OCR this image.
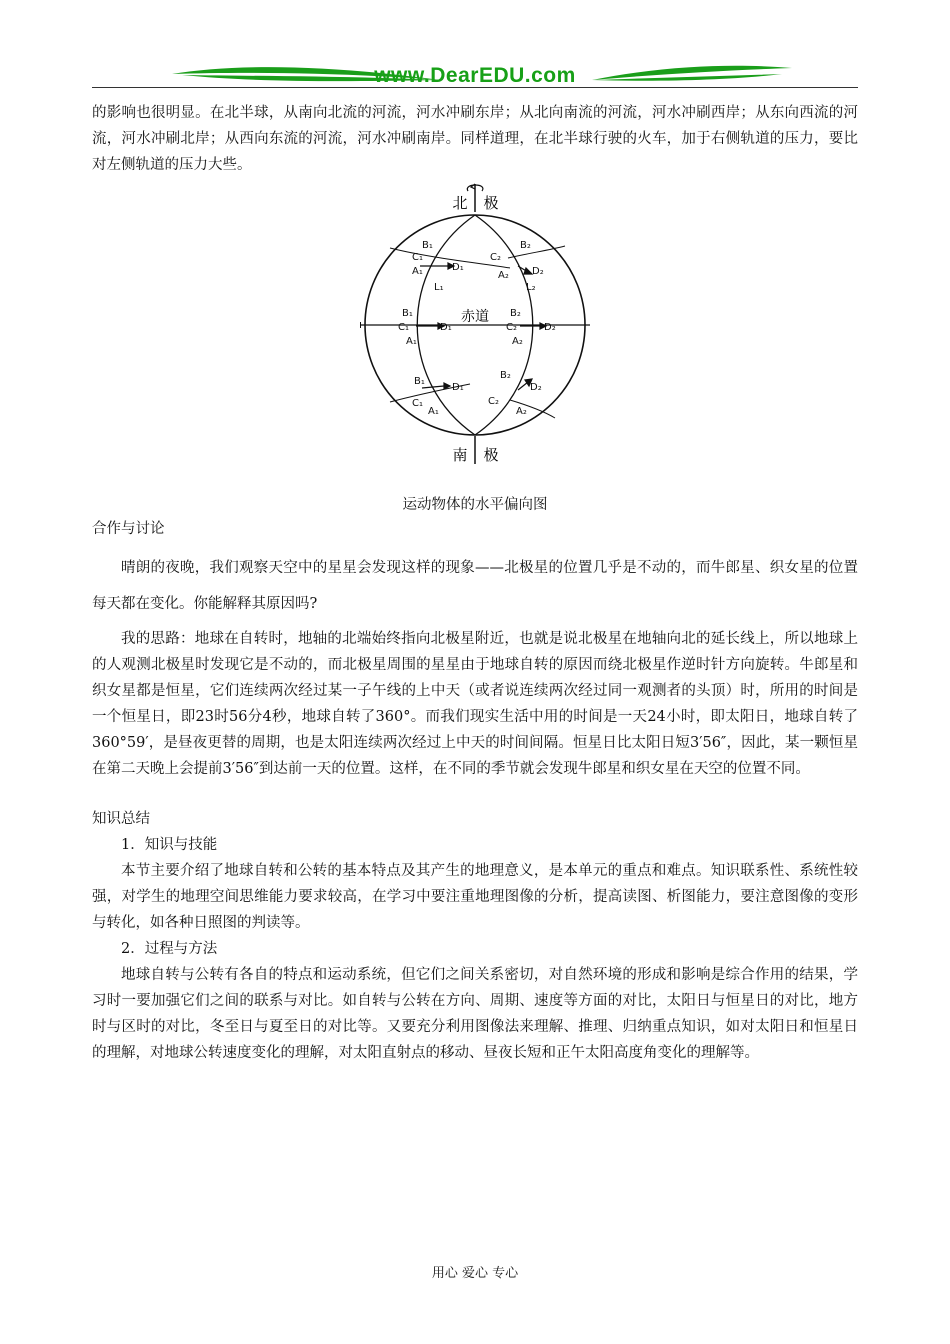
www.DearEDU.com

的影响也很明显。在北半球，从南向北流的河流，河水冲刷东岸；从北向南流的河流，河水冲刷西岸；从东向西流的河流，河水冲刷北岸；从西向东流的河流，河水冲刷南岸。同样道理，在北半球行驶的火车，加于右侧轨道的压力，要比对左侧轨道的压力大些。

北 极
南 极
B₁
C₁
A₁	D₁
L₁
B₂
C₂
A₂ D₂
L₂
B₁
C₁
A₁
D₁
B₂
C₂
A₂
D₂
B₁
C₁
A₁
D₁
B₂
D₂
C₂
A₂
赤道

运动物体的水平偏向图

合作与讨论

晴朗的夜晚，我们观察天空中的星星会发现这样的现象——北极星的位置几乎是不动的，而牛郎星、织女星的位置每天都在变化。你能解释其原因吗?

我的思路：地球在自转时，地轴的北端始终指向北极星附近，也就是说北极星在地轴向北的延长线上，所以地球上的人观测北极星时发现它是不动的，而北极星周围的星星由于地球自转的原因而绕北极星作逆时针方向旋转。牛郎星和织女星都是恒星，它们连续两次经过某一子午线的上中天（或者说连续两次经过同一观测者的头顶）时，所用的时间是一个恒星日，即23时56分4秒，地球自转了360°。而我们现实生活中用的时间是一天24小时，即太阳日，地球自转了360°59′，是昼夜更替的周期，也是太阳连续两次经过上中天的时间间隔。恒星日比太阳日短3′56″，因此，某一颗恒星在第二天晚上会提前3′56″到达前一天的位置。这样，在不同的季节就会发现牛郎星和织女星在天空的位置不同。

知识总结

1．知识与技能

本节主要介绍了地球自转和公转的基本特点及其产生的地理意义，是本单元的重点和难点。知识联系性、系统性较强，对学生的地理空间思维能力要求较高，在学习中要注重地理图像的分析，提高读图、析图能力，要注意图像的变形与转化，如各种日照图的判读等。

2．过程与方法

地球自转与公转有各自的特点和运动系统，但它们之间关系密切，对自然环境的形成和影响是综合作用的结果，学习时一要加强它们之间的联系与对比。如自转与公转在方向、周期、速度等方面的对比，太阳日与恒星日的对比，地方时与区时的对比，冬至日与夏至日的对比等。又要充分利用图像法来理解、推理、归纳重点知识，如对太阳日和恒星日的理解，对地球公转速度变化的理解，对太阳直射点的移动、昼夜长短和正午太阳高度角变化的理解等。

用心 爱心 专心
